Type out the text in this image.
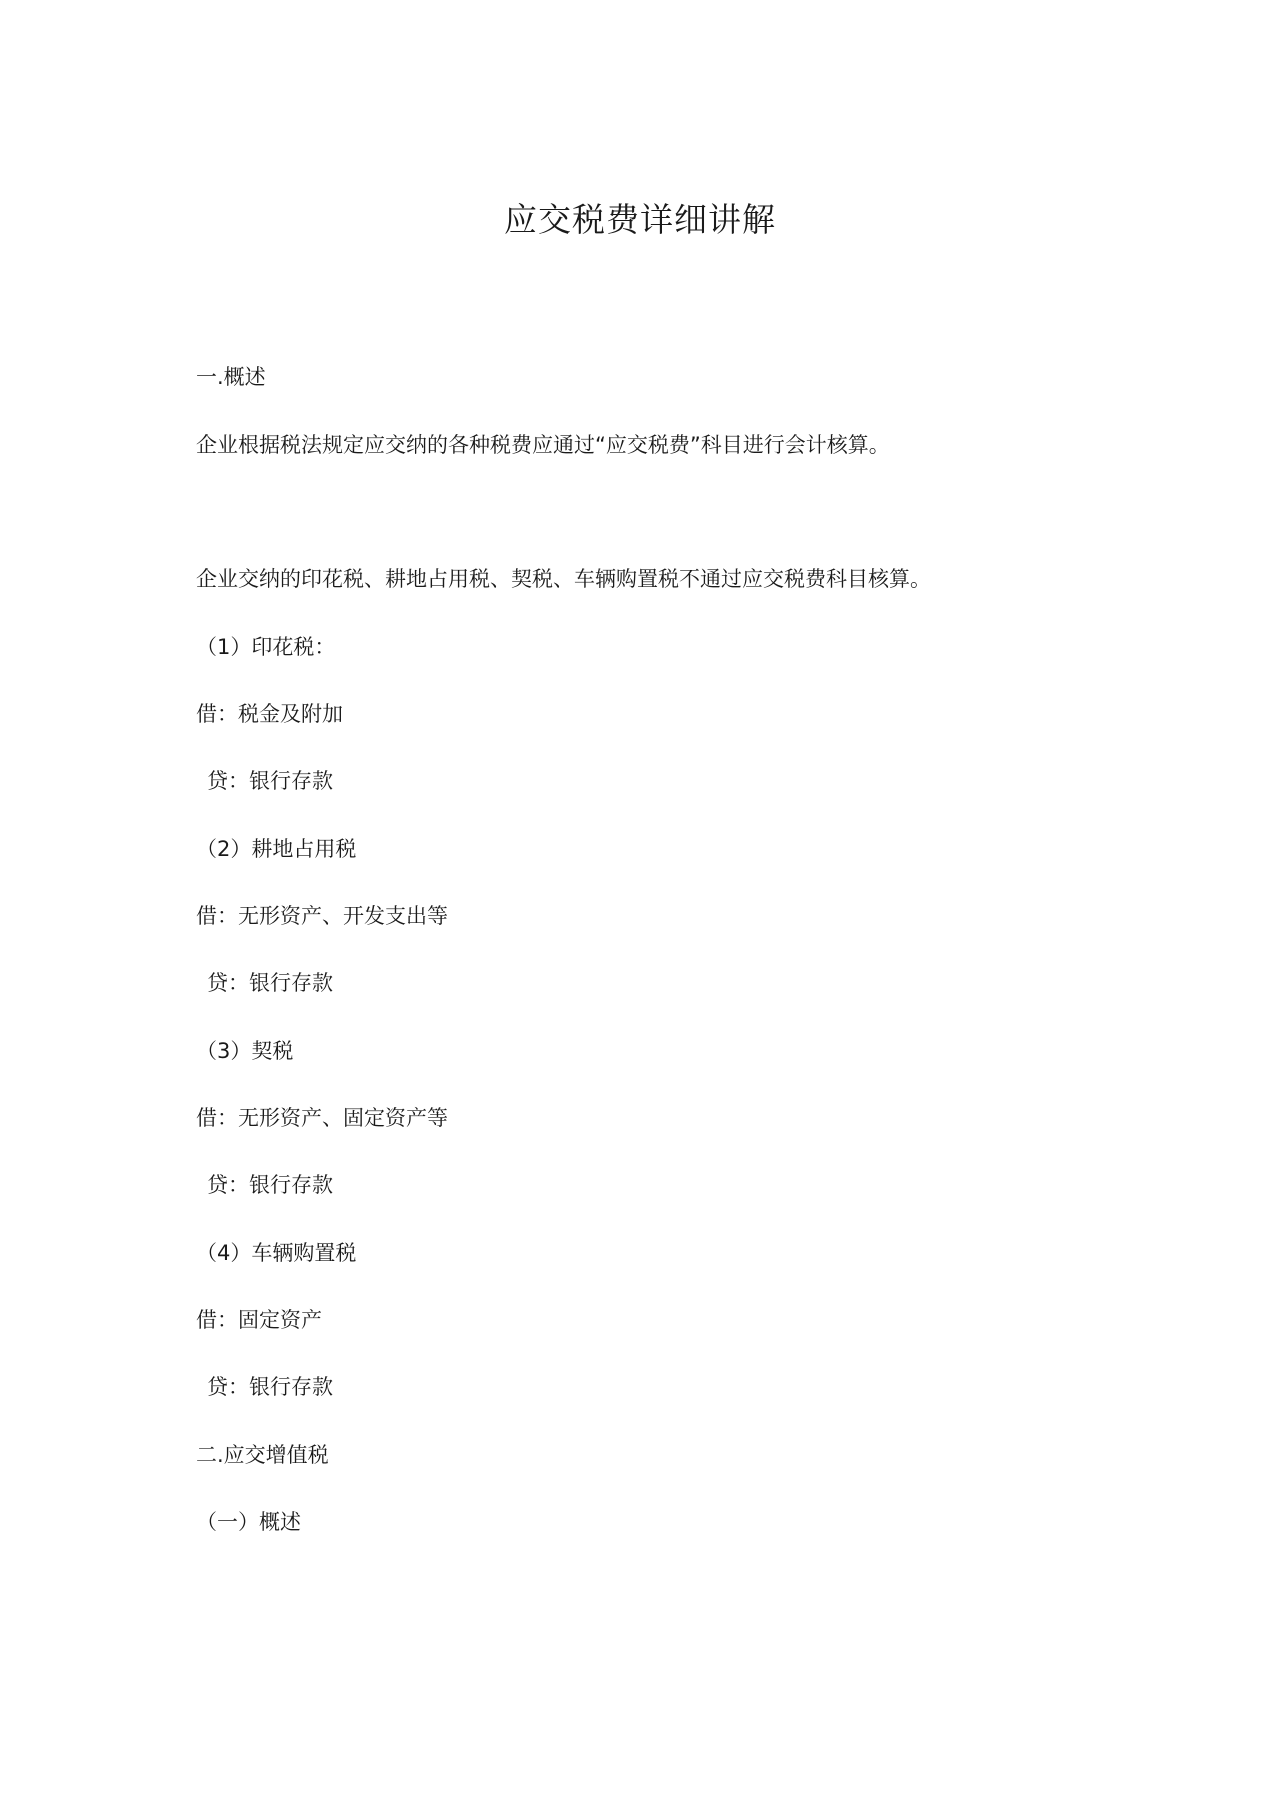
应交税费详细讲解

一.概述

企业根据税法规定应交纳的各种税费应通过“应交税费”科目进行会计核算。

企业交纳的印花税、耕地占用税、契税、车辆购置税不通过应交税费科目核算。

（1）印花税：

借：税金及附加

贷：银行存款

（2）耕地占用税

借：无形资产、开发支出等

贷：银行存款

（3）契税

借：无形资产、固定资产等

贷：银行存款

（4）车辆购置税

借：固定资产

贷：银行存款

二.应交增值税

（一）概述
